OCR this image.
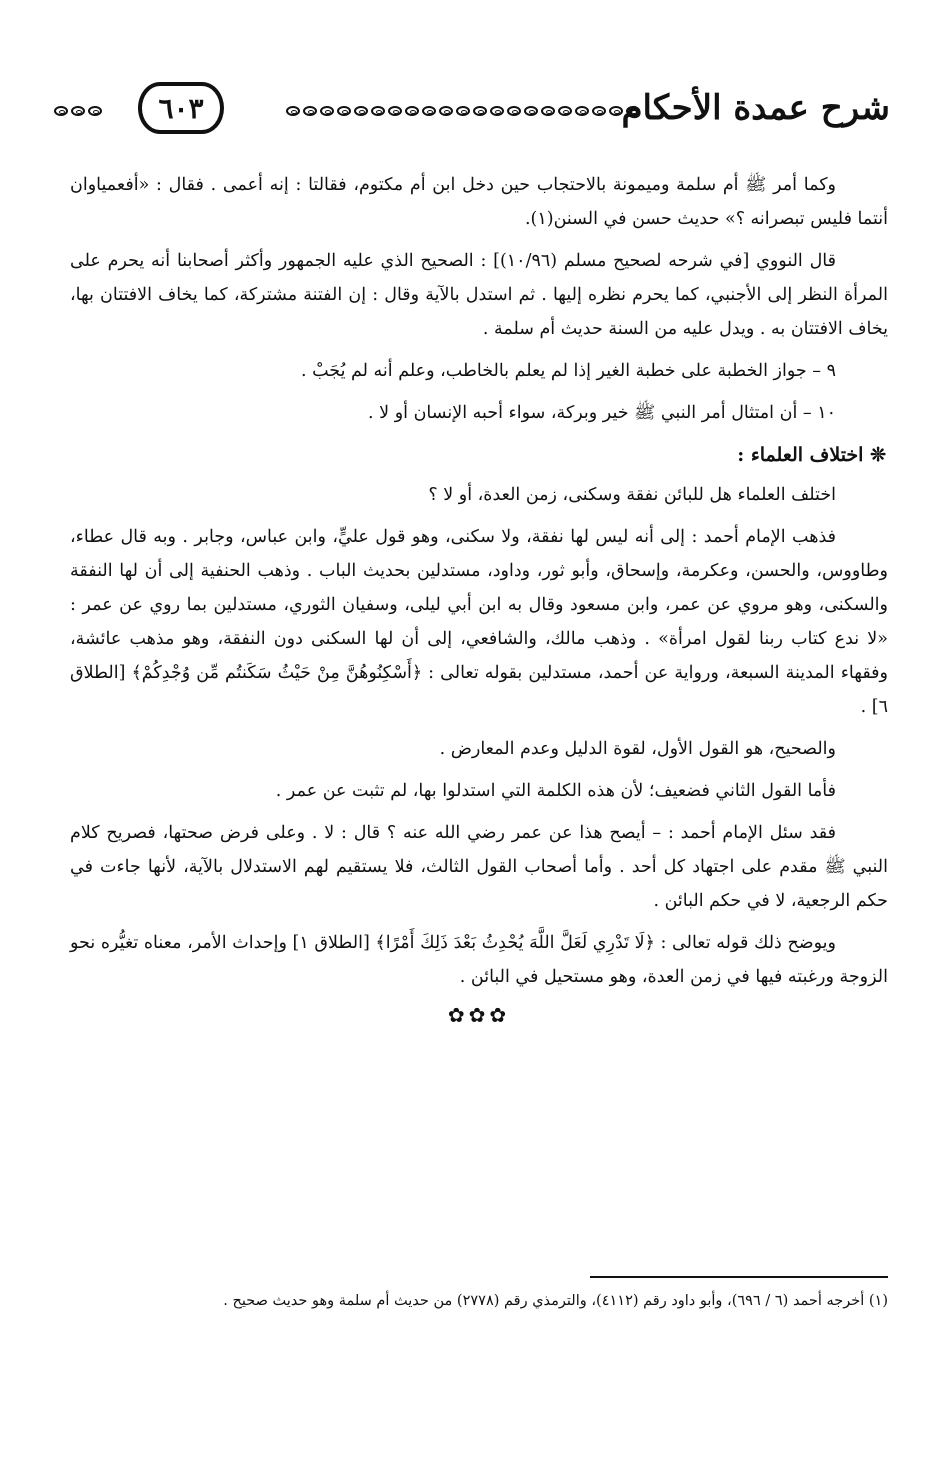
شرح عمدة الأحكام
٦٠٣

وكما أمر ﷺ أم سلمة وميمونة بالاحتجاب حين دخل ابن أم مكتوم، فقالتا : إنه أعمى . فقال : «أفعمياوان أنتما فليس تبصرانه ؟» حديث حسن في السنن(١).

قال النووي [في شرحه لصحيح مسلم (١٠/٩٦)] : الصحيح الذي عليه الجمهور وأكثر أصحابنا أنه يحرم على المرأة النظر إلى الأجنبي، كما يحرم نظره إليها . ثم استدل بالآية وقال : إن الفتنة مشتركة، كما يخاف الافتتان بها، يخاف الافتتان به . ويدل عليه من السنة حديث أم سلمة .

٩ – جواز الخطبة على خطبة الغير إذا لم يعلم بالخاطب، وعلم أنه لم يُجَبْ .

١٠ – أن امتثال أمر النبي ﷺ خير وبركة، سواء أحبه الإنسان أو لا .

❊ اختلاف العلماء :

اختلف العلماء هل للبائن نفقة وسكنى، زمن العدة، أو لا ؟

فذهب الإمام أحمد : إلى أنه ليس لها نفقة، ولا سكنى، وهو قول عليٍّ، وابن عباس، وجابر . وبه قال عطاء، وطاووس، والحسن، وعكرمة، وإسحاق، وأبو ثور، وداود، مستدلين بحديث الباب . وذهب الحنفية إلى أن لها النفقة والسكنى، وهو مروي عن عمر، وابن مسعود وقال به ابن أبي ليلى، وسفيان الثوري، مستدلين بما روي عن عمر : «لا ندع كتاب ربنا لقول امرأة» . وذهب مالك، والشافعي، إلى أن لها السكنى دون النفقة، وهو مذهب عائشة، وفقهاء المدينة السبعة، ورواية عن أحمد، مستدلين بقوله تعالى : ﴿أَسْكِنُوهُنَّ مِنْ حَيْثُ سَكَنتُم مِّن وُجْدِكُمْ﴾ [الطلاق ٦] .

والصحيح، هو القول الأول، لقوة الدليل وعدم المعارض .

فأما القول الثاني فضعيف؛ لأن هذه الكلمة التي استدلوا بها، لم تثبت عن عمر .

فقد سئل الإمام أحمد : – أيصح هذا عن عمر رضي الله عنه ؟ قال : لا . وعلى فرض صحتها، فصريح كلام النبي ﷺ مقدم على اجتهاد كل أحد . وأما أصحاب القول الثالث، فلا يستقيم لهم الاستدلال بالآية، لأنها جاءت في حكم الرجعية، لا في حكم البائن .

ويوضح ذلك قوله تعالى : ﴿لَا تَدْرِي لَعَلَّ اللَّهَ يُحْدِثُ بَعْدَ ذَلِكَ أَمْرًا﴾ [الطلاق ١] وإحداث الأمر، معناه تغيُّره نحو الزوجة ورغبته فيها في زمن العدة، وهو مستحيل في البائن .

✿✿✿
(١) أخرجه أحمد (٦ / ٦٩٦)، وأبو داود رقم (٤١١٢)، والترمذي رقم (٢٧٧٨) من حديث أم سلمة وهو حديث صحيح .
